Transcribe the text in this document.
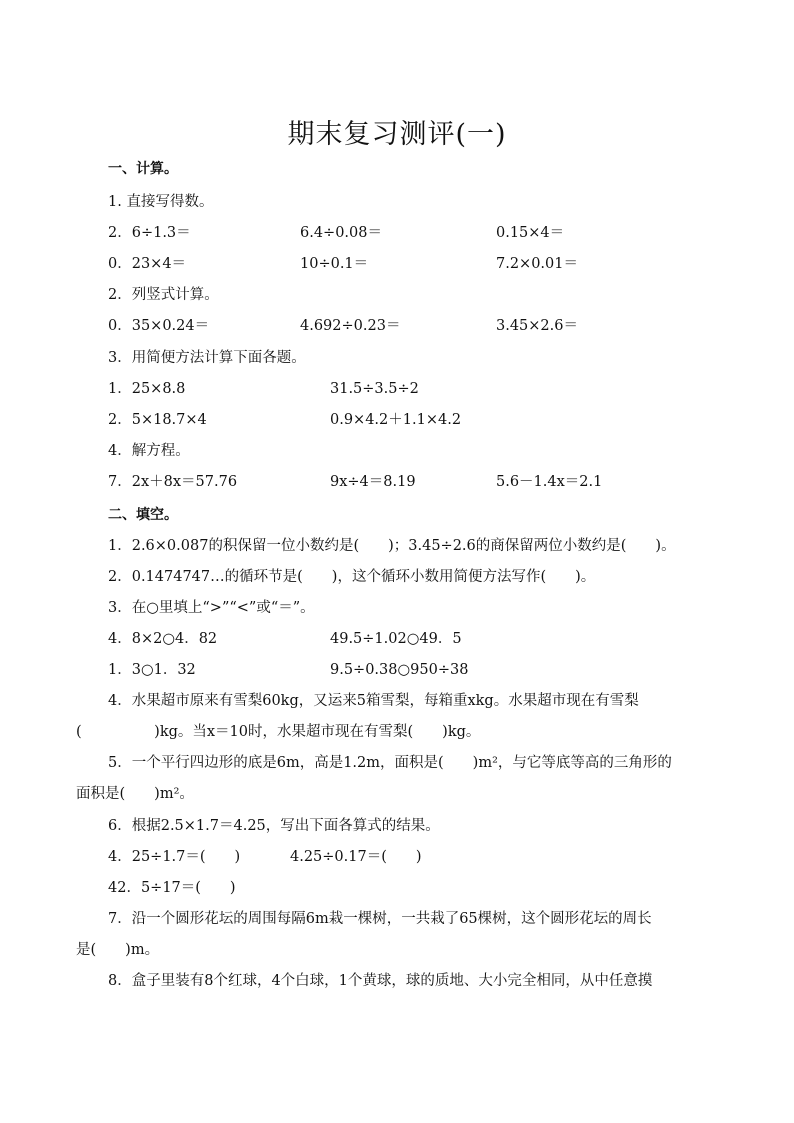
期末复习测评(一)
一、计算。
1. 直接写得数。
2．6÷1.3＝	6.4÷0.08＝	0.15×4＝
0．23×4＝	10÷0.1＝	7.2×0.01＝
2．列竖式计算。
0．35×0.24＝	4.692÷0.23＝	3.45×2.6＝
3．用简便方法计算下面各题。
1．25×8.8	31.5÷3.5÷2
2．5×18.7×4	0.9×4.2＋1.1×4.2
4．解方程。
7．2x＋8x＝57.76	9x÷4＝8.19	5.6－1.4x＝2.1
二、填空。
1．2.6×0.087的积保留一位小数约是(　　)；3.45÷2.6的商保留两位小数约是(　　)。
2．0.1474747…的循环节是(　　)，这个循环小数用简便方法写作(　　)。
3．在○里填上“>”“<”或“＝”。
4．8×2○4．82	49.5÷1.02○49．5
1．3○1．32	9.5÷0.38○950÷38
4．水果超市原来有雪梨60kg，又运来5箱雪梨，每箱重xkg。水果超市现在有雪梨
(　　　　　)kg。当x＝10时，水果超市现在有雪梨(　　)kg。
5．一个平行四边形的底是6m，高是1.2m，面积是(　　)m²，与它等底等高的三角形的
面积是(　　)m²。
6．根据2.5×1.7＝4.25，写出下面各算式的结果。
4．25÷1.7＝(　　)	4.25÷0.17＝(　　)
42．5÷17＝(　　)
7．沿一个圆形花坛的周围每隔6m栽一棵树，一共栽了65棵树，这个圆形花坛的周长
是(　　)m。
8．盒子里装有8个红球，4个白球，1个黄球，球的质地、大小完全相同，从中任意摸
